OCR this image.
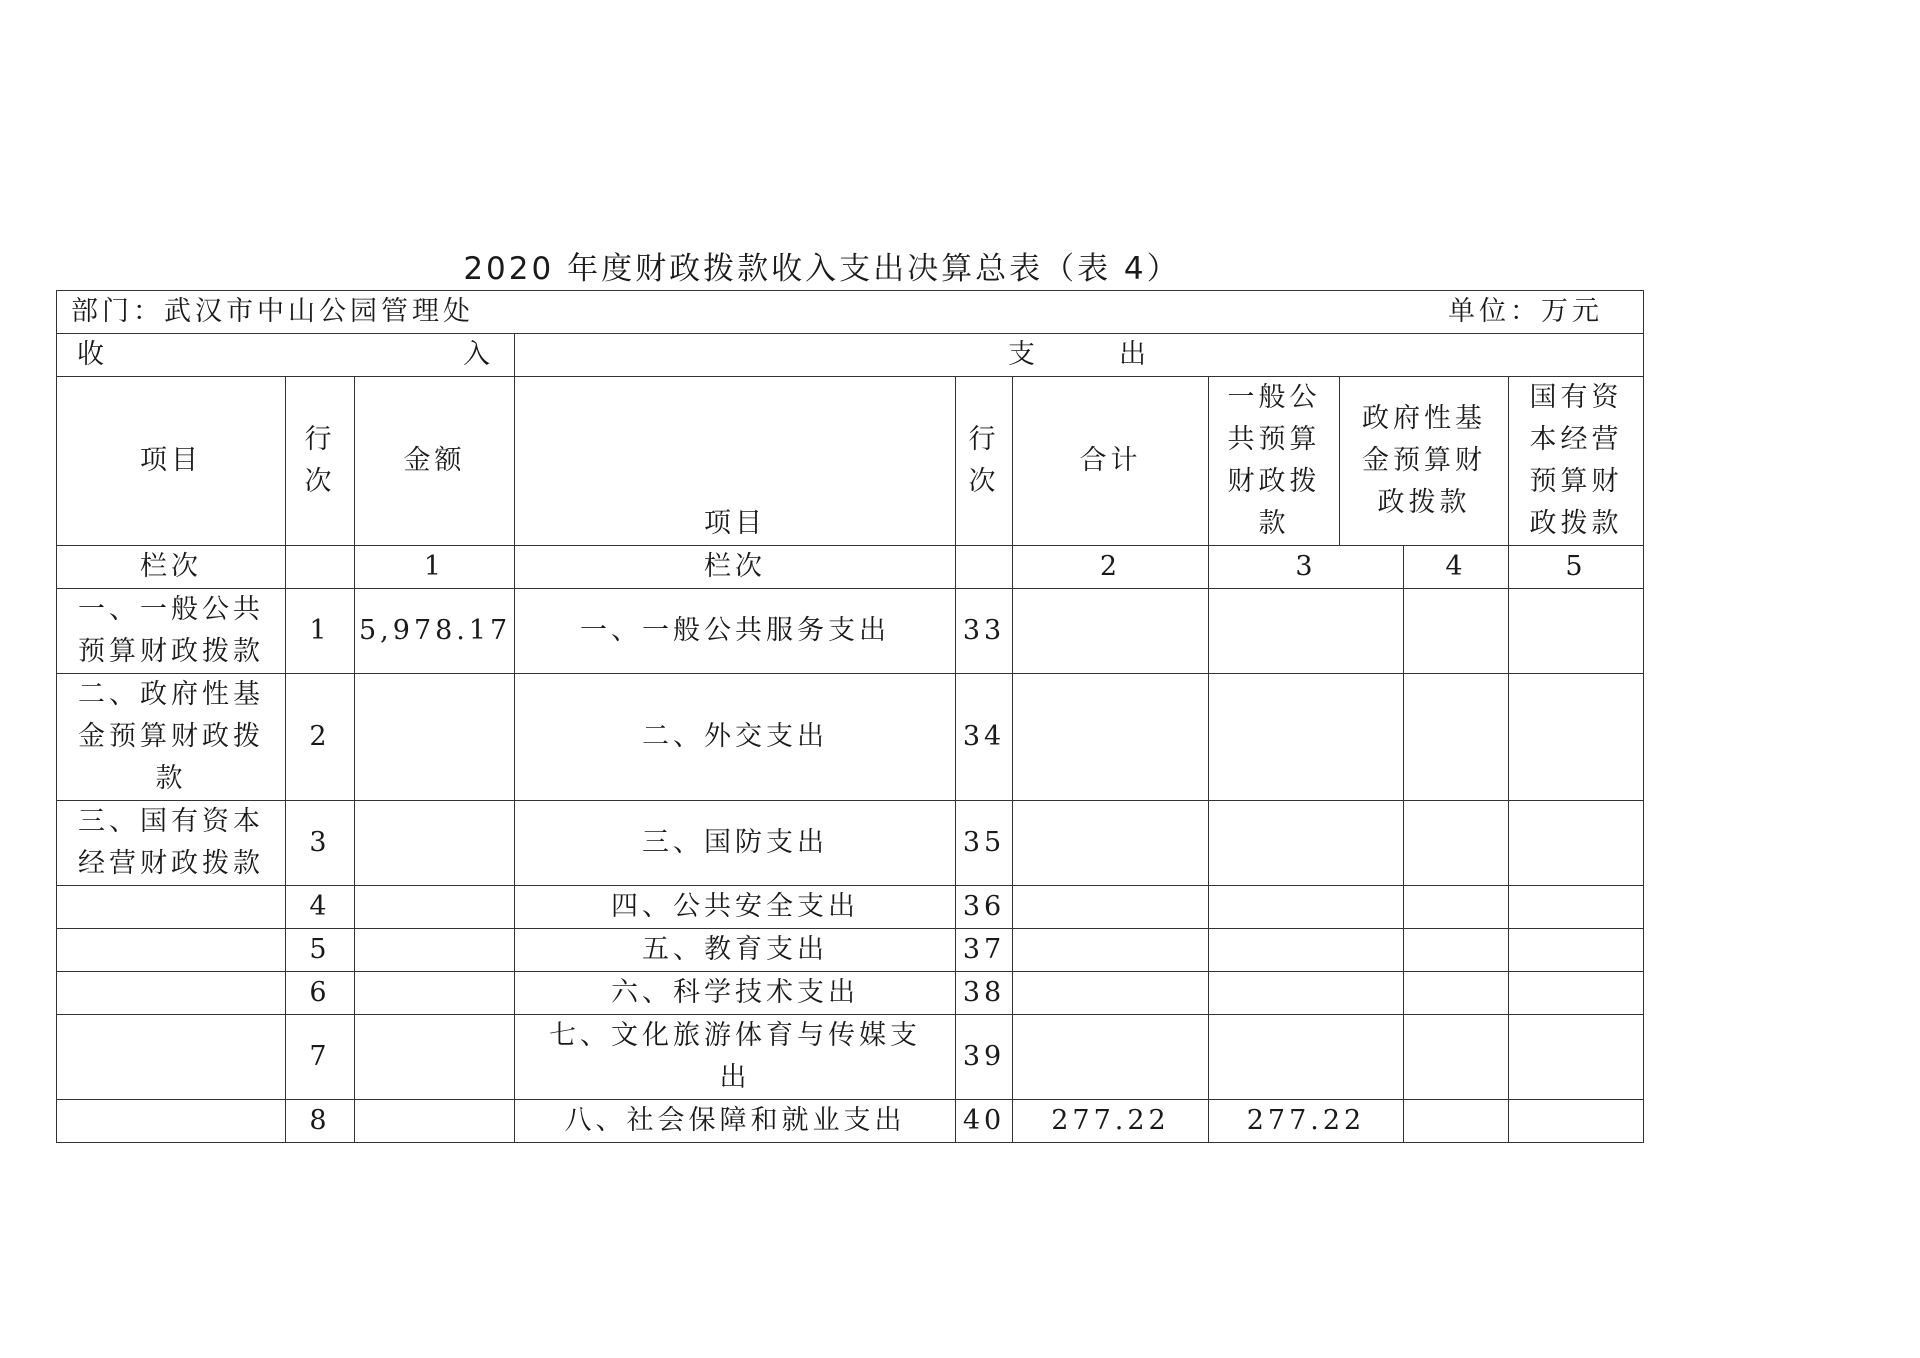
2020 年度财政拨款收入支出决算总表（表 4）
部门：武汉市中山公园管理处 单位：万元									

收 入			支 出						
项目	行次	金额	项目	行次	合计	一般公共预算财政拨款	政府性基金预算财政拨款		国有资本经营预算财政拨款
栏次		1	栏次		2	3		4	5
一、一般公共预算财政拨款	1	5,978.17	一、一般公共服务支出	33					
二、政府性基金预算财政拨款	2		二、外交支出	34					
三、国有资本经营财政拨款	3		三、国防支出	35					
	4		四、公共安全支出	36					
	5		五、教育支出	37					
	6		六、科学技术支出	38					
	7		七、文化旅游体育与传媒支出	39					
	8		八、社会保障和就业支出	40	277.22	277.22			
